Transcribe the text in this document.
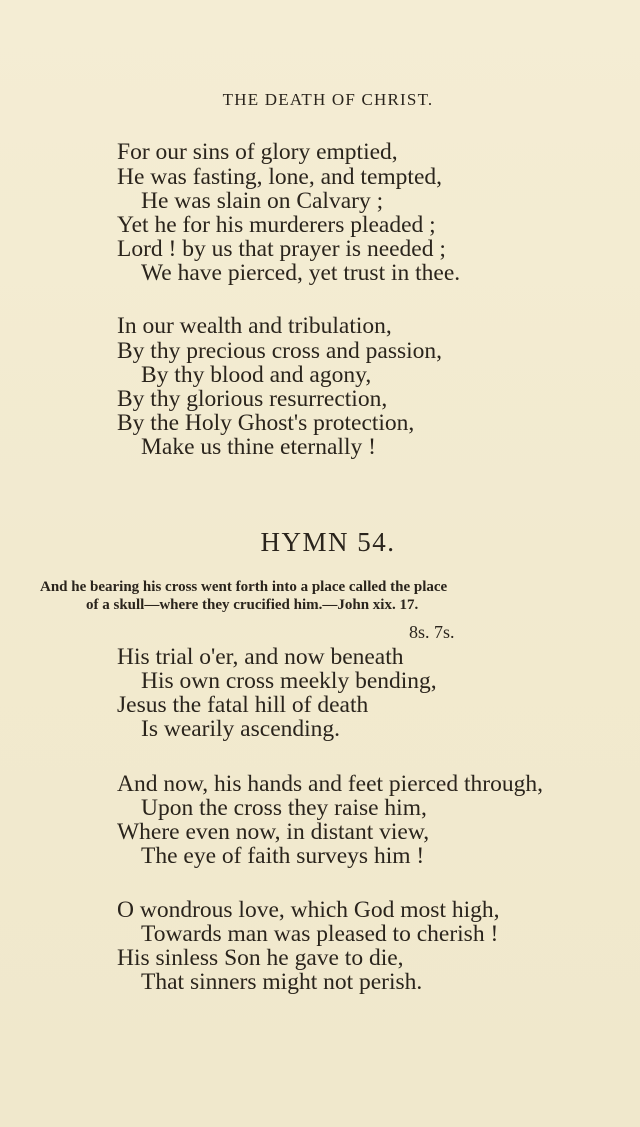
THE DEATH OF CHRIST.
For our sins of glory emptied,
He was fasting, lone, and tempted,
He was slain on Calvary ;
Yet he for his murderers pleaded ;
Lord ! by us that prayer is needed ;
We have pierced, yet trust in thee.
In our wealth and tribulation,
By thy precious cross and passion,
By thy blood and agony,
By thy glorious resurrection,
By the Holy Ghost's protection,
Make us thine eternally !
HYMN 54.
And he bearing his cross went forth into a place called the place
of a skull—where they crucified him.—John xix. 17.
8s. 7s.
His trial o'er, and now beneath
His own cross meekly bending,
Jesus the fatal hill of death
Is wearily ascending.
And now, his hands and feet pierced through,
Upon the cross they raise him,
Where even now, in distant view,
The eye of faith surveys him !
O wondrous love, which God most high,
Towards man was pleased to cherish !
His sinless Son he gave to die,
That sinners might not perish.
